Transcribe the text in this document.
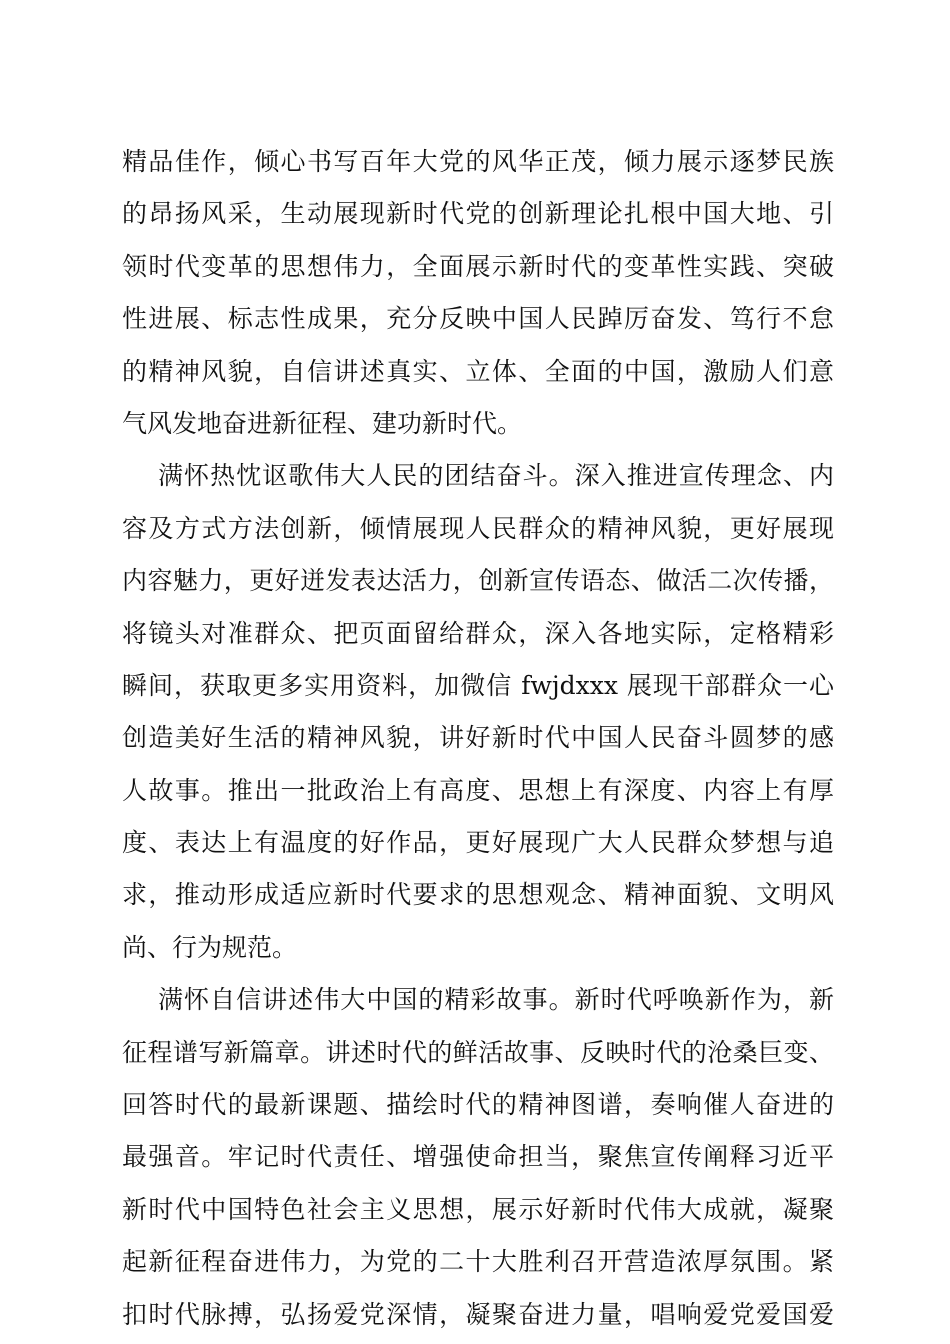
精品佳作，倾心书写百年大党的风华正茂，倾力展示逐梦民族
的昂扬风采，生动展现新时代党的创新理论扎根中国大地、引
领时代变革的思想伟力，全面展示新时代的变革性实践、突破
性进展、标志性成果，充分反映中国人民踔厉奋发、笃行不怠
的精神风貌，自信讲述真实、立体、全面的中国，激励人们意
气风发地奋进新征程、建功新时代。
满怀热忱讴歌伟大人民的团结奋斗。深入推进宣传理念、内
容及方式方法创新，倾情展现人民群众的精神风貌，更好展现
内容魅力，更好迸发表达活力，创新宣传语态、做活二次传播，
将镜头对准群众、把页面留给群众，深入各地实际，定格精彩
瞬间，获取更多实用资料，加微信 fwjdxxx 展现干部群众一心
创造美好生活的精神风貌，讲好新时代中国人民奋斗圆梦的感
人故事。推出一批政治上有高度、思想上有深度、内容上有厚
度、表达上有温度的好作品，更好展现广大人民群众梦想与追
求，推动形成适应新时代要求的思想观念、精神面貌、文明风
尚、行为规范。
满怀自信讲述伟大中国的精彩故事。新时代呼唤新作为，新
征程谱写新篇章。讲述时代的鲜活故事、反映时代的沧桑巨变、
回答时代的最新课题、描绘时代的精神图谱，奏响催人奋进的
最强音。牢记时代责任、增强使命担当，聚焦宣传阐释习近平
新时代中国特色社会主义思想，展示好新时代伟大成就，凝聚
起新征程奋进伟力，为党的二十大胜利召开营造浓厚氛围。紧
扣时代脉搏，弘扬爱党深情，凝聚奋进力量，唱响爱党爱国爱
